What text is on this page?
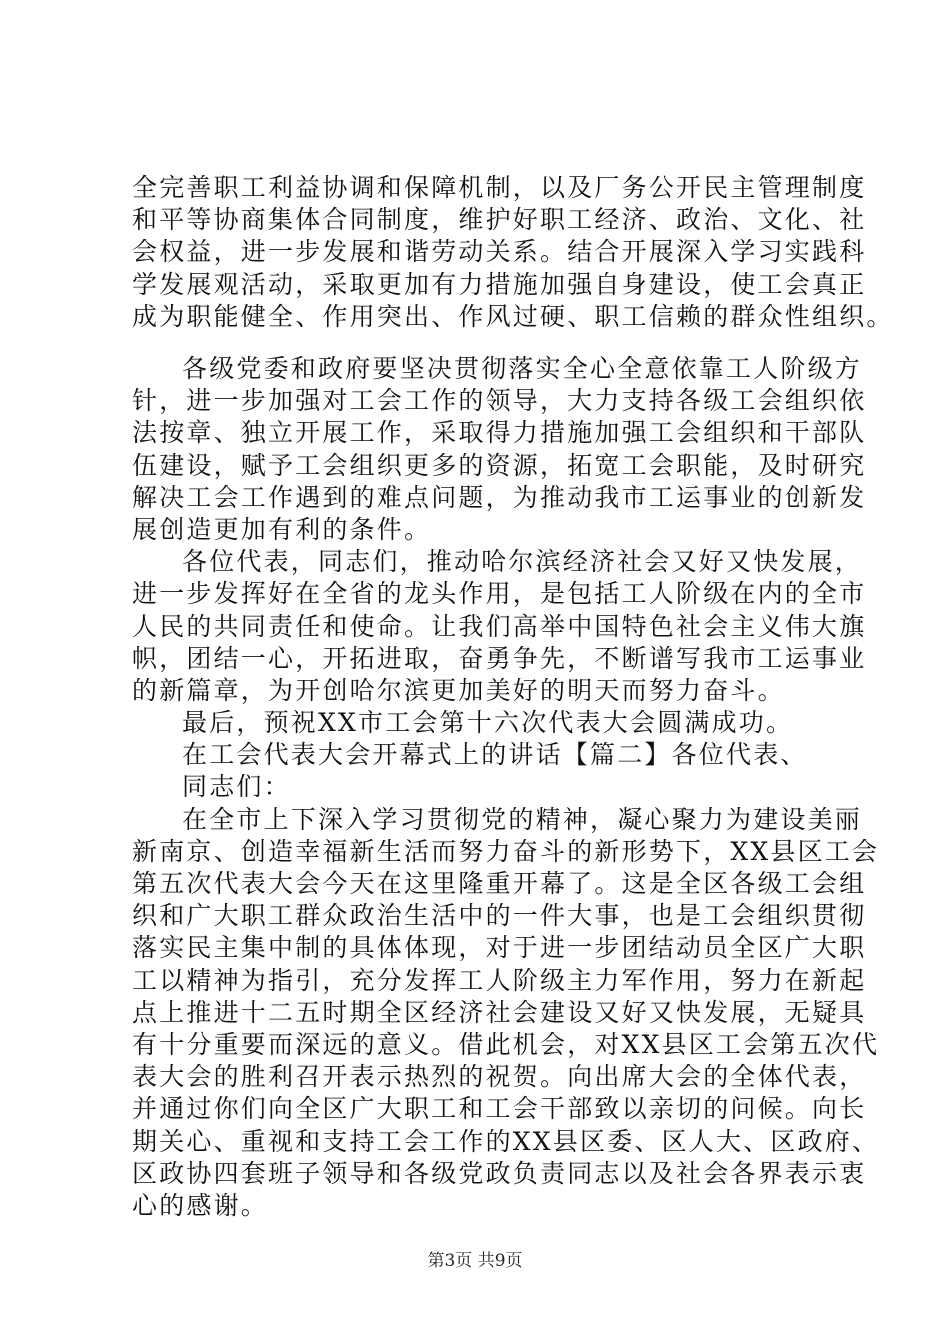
全完善职工利益协调和保障机制，以及厂务公开民主管理制度
和平等协商集体合同制度，维护好职工经济、政治、文化、社
会权益，进一步发展和谐劳动关系。结合开展深入学习实践科
学发展观活动，采取更加有力措施加强自身建设，使工会真正
成为职能健全、作用突出、作风过硬、职工信赖的群众性组织。
各级党委和政府要坚决贯彻落实全心全意依靠工人阶级方
针，进一步加强对工会工作的领导，大力支持各级工会组织依
法按章、独立开展工作，采取得力措施加强工会组织和干部队
伍建设，赋予工会组织更多的资源，拓宽工会职能，及时研究
解决工会工作遇到的难点问题，为推动我市工运事业的创新发
展创造更加有利的条件。
各位代表，同志们，推动哈尔滨经济社会又好又快发展，
进一步发挥好在全省的龙头作用，是包括工人阶级在内的全市
人民的共同责任和使命。让我们高举中国特色社会主义伟大旗
帜，团结一心，开拓进取，奋勇争先，不断谱写我市工运事业
的新篇章，为开创哈尔滨更加美好的明天而努力奋斗。
最后，预祝XX市工会第十六次代表大会圆满成功。
在工会代表大会开幕式上的讲话【篇二】各位代表、
同志们：
在全市上下深入学习贯彻党的精神，凝心聚力为建设美丽
新南京、创造幸福新生活而努力奋斗的新形势下，XX县区工会
第五次代表大会今天在这里隆重开幕了。这是全区各级工会组
织和广大职工群众政治生活中的一件大事，也是工会组织贯彻
落实民主集中制的具体体现，对于进一步团结动员全区广大职
工以精神为指引，充分发挥工人阶级主力军作用，努力在新起
点上推进十二五时期全区经济社会建设又好又快发展，无疑具
有十分重要而深远的意义。借此机会，对XX县区工会第五次代
表大会的胜利召开表示热烈的祝贺。向出席大会的全体代表，
并通过你们向全区广大职工和工会干部致以亲切的问候。向长
期关心、重视和支持工会工作的XX县区委、区人大、区政府、
区政协四套班子领导和各级党政负责同志以及社会各界表示衷
心的感谢。
第3页 共9页
